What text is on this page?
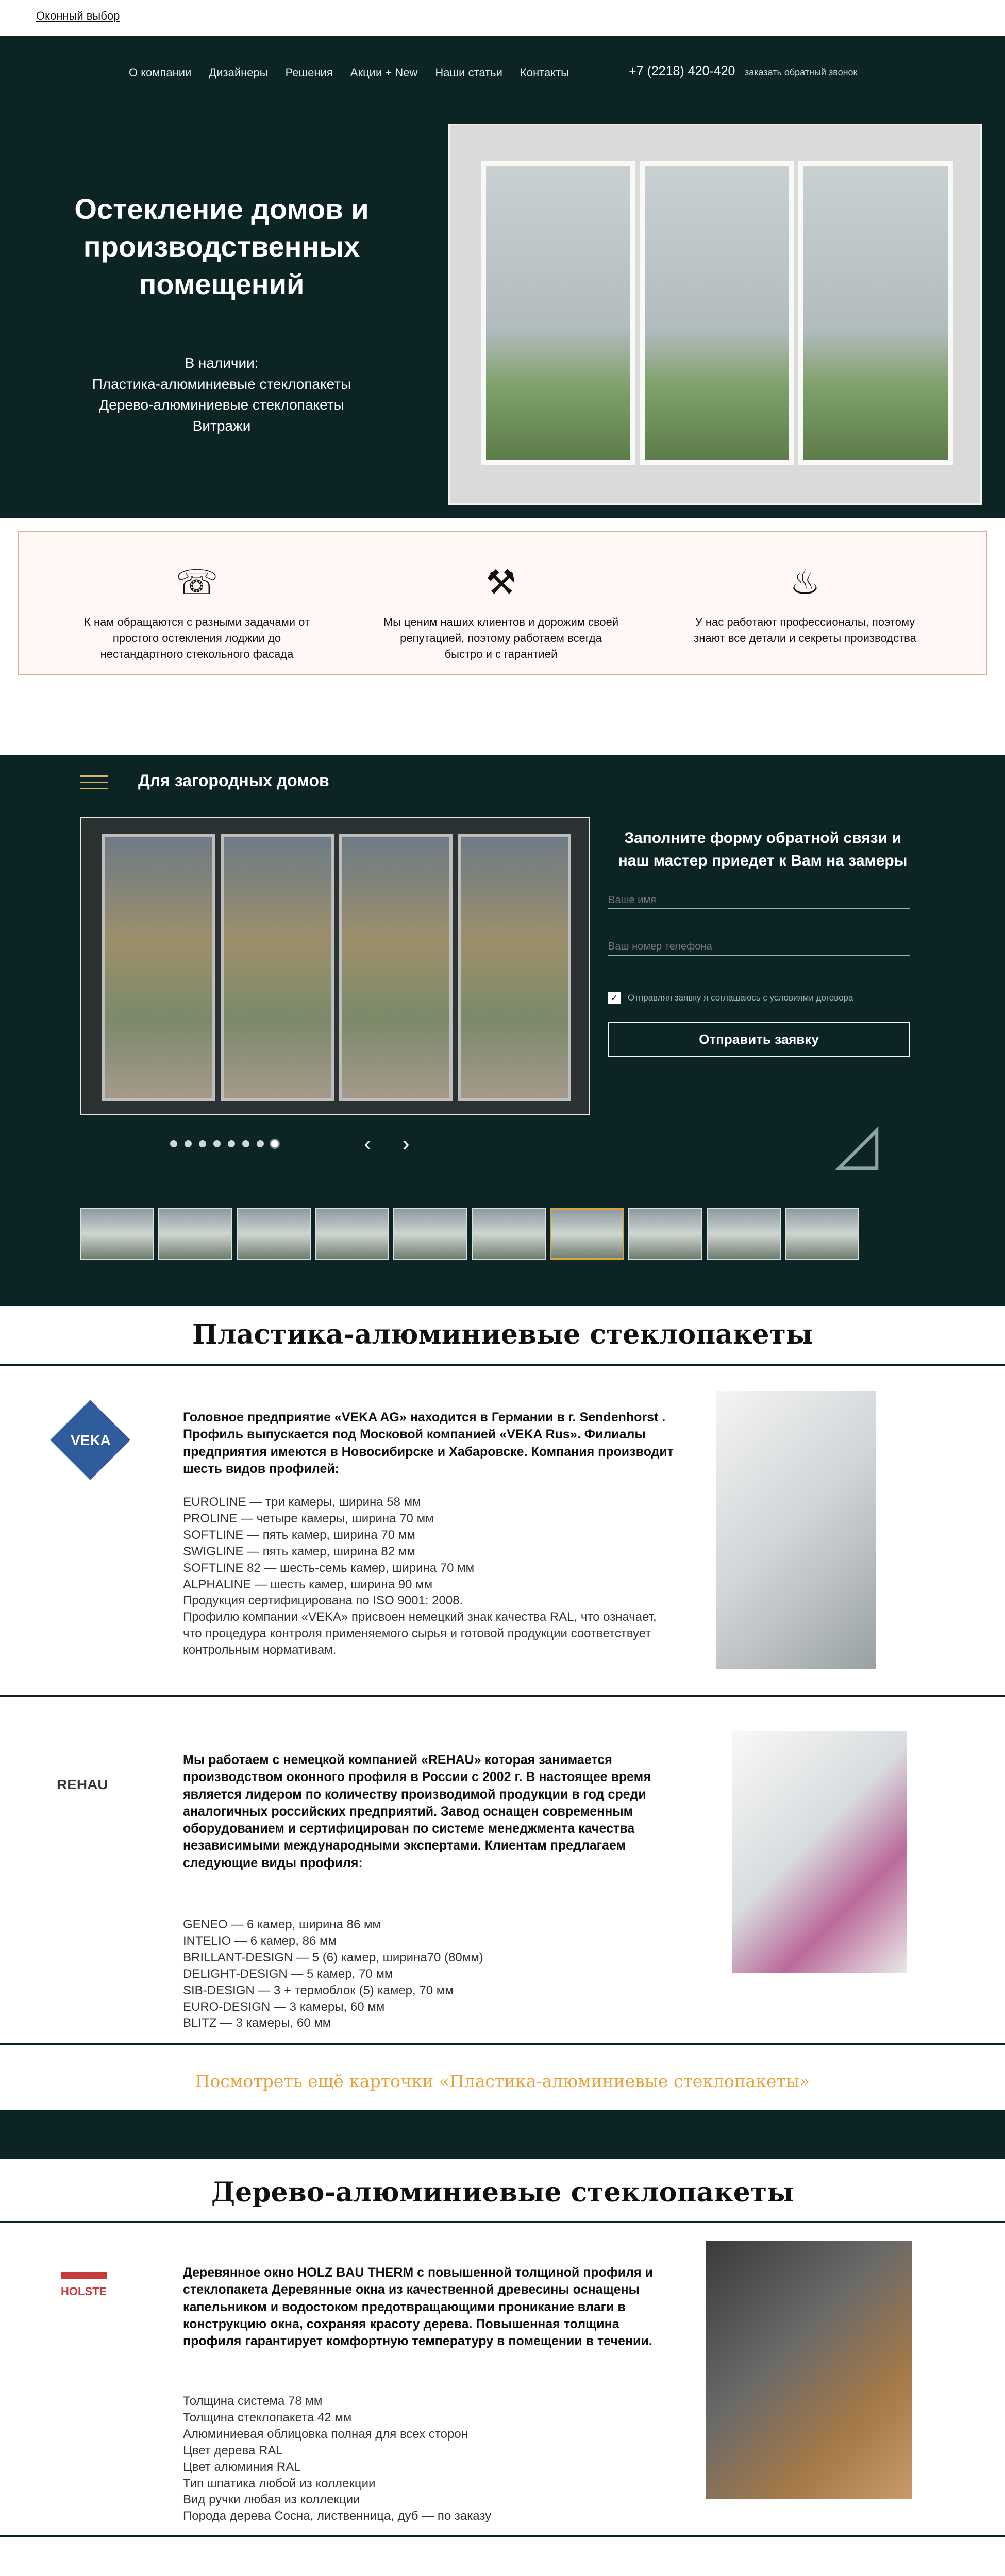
Оконный выбор
О компании Дизайнеры Решения Акции + New Наши статьи Контакты	+7 (2218) 420-420 заказать обратный звонок
Остекление домов и производственных помещений
В наличии:
Пластика-алюминиевые стеклопакеты
Дерево-алюминиевые стеклопакеты
Витражи
☏
К нам обращаются с разными задачами от простого остекления лоджии до нестандартного стекольного фасада
⚒
Мы ценим наших клиентов и дорожим своей репутацией, поэтому работаем всегда быстро и с гарантией
♨
У нас работают профессионалы, поэтому знают все детали и секреты производства
Для загородных домов
‹ ›
Заполните форму обратной связи и наш мастер приедет к Вам на замеры
Ваше имя
Ваш номер телефона
✓ Отправляя заявку я соглашаюсь с условиями договора
Отправить заявку
◿
Пластика-алюминиевые стеклопакеты
VEKA
Головное предприятие «VEKA AG» находится в Германии в г. Sendenhorst . Профиль выпускается под Московой компанией «VEKA Rus». Филиалы предприятия имеются в Новосибирске и Хабаровске. Компания производит шесть видов профилей:
EUROLINE — три камеры, ширина 58 мм
PROLINE — четыре камеры, ширина 70 мм
SOFTLINE — пять камер, ширина 70 мм
SWIGLINE — пять камер, ширина 82 мм
SOFTLINE 82 — шесть-семь камер, ширина 70 мм
ALPHALINE — шесть камер, ширина 90 мм
Продукция сертифицирована по ISO 9001: 2008.
Профилю компании «VEKA» присвоен немецкий знак качества RAL, что означает, что процедура контроля применяемого сырья и готовой продукции соответствует контрольным нормативам.
REHAU
Мы работаем с немецкой компанией «REHAU» которая занимается производством оконного профиля в России с 2002 г. В настоящее время является лидером по количеству производимой продукции в год среди аналогичных российских предприятий. Завод оснащен современным оборудованием и сертифицирован по системе менеджмента качества независимыми международными экспертами. Клиентам предлагаем следующие виды профиля:
GENEO — 6 камер, ширина 86 мм
INTELIO — 6 камер, 86 мм
BRILLANT-DESIGN — 5 (6) камер, ширина70 (80мм)
DELIGHT-DESIGN — 5 камер, 70 мм
SIB-DESIGN — 3 + термоблок (5) камер, 70 мм
EURO-DESIGN — 3 камеры, 60 мм
BLITZ — 3 камеры, 60 мм
Посмотреть ещё карточки «Пластика-алюминиевые стеклопакеты»
Дерево-алюминиевые стеклопакеты
HOLSTE
Деревянное окно HOLZ BAU THERM с повышенной толщиной профиля и стеклопакета Деревянные окна из качественной древесины оснащены капельником и водостоком предотвращающими проникание влаги в конструкцию окна, сохраняя красоту дерева. Повышенная толщина профиля гарантирует комфортную температуру в помещении в течении.
Толщина система 78 мм
Толщина стеклопакета 42 мм
Алюминиевая облицовка полная для всех сторон
Цвет дерева RAL
Цвет алюминия RAL
Тип шпатика любой из коллекции
Вид ручки любая из коллекции
Порода дерева Сосна, лиственница, дуб — по заказу
